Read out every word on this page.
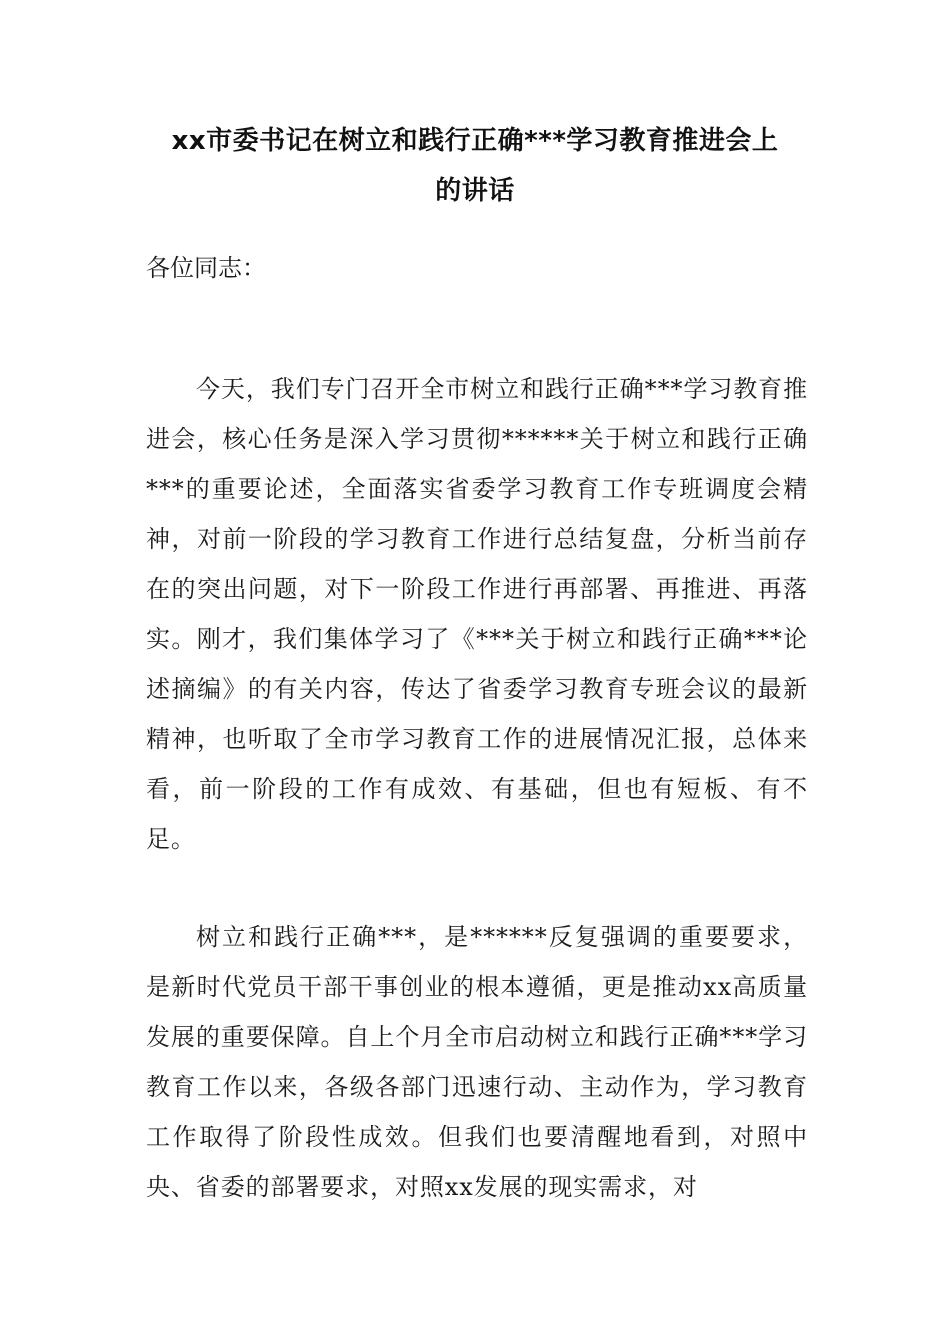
xx市委书记在树立和践行正确***学习教育推进会上
的讲话

各位同志：

今天，我们专门召开全市树立和践行正确***学习教育推进会，核心任务是深入学习贯彻******关于树立和践行正确***的重要论述，全面落实省委学习教育工作专班调度会精神，对前一阶段的学习教育工作进行总结复盘，分析当前存在的突出问题，对下一阶段工作进行再部署、再推进、再落实。刚才，我们集体学习了《***关于树立和践行正确***论述摘编》的有关内容，传达了省委学习教育专班会议的最新精神，也听取了全市学习教育工作的进展情况汇报，总体来看，前一阶段的工作有成效、有基础，但也有短板、有不足。

树立和践行正确***，是******反复强调的重要要求，是新时代党员干部干事创业的根本遵循，更是推动xx高质量发展的重要保障。自上个月全市启动树立和践行正确***学习教育工作以来，各级各部门迅速行动、主动作为，学习教育工作取得了阶段性成效。但我们也要清醒地看到，对照中央、省委的部署要求，对照xx发展的现实需求，对
